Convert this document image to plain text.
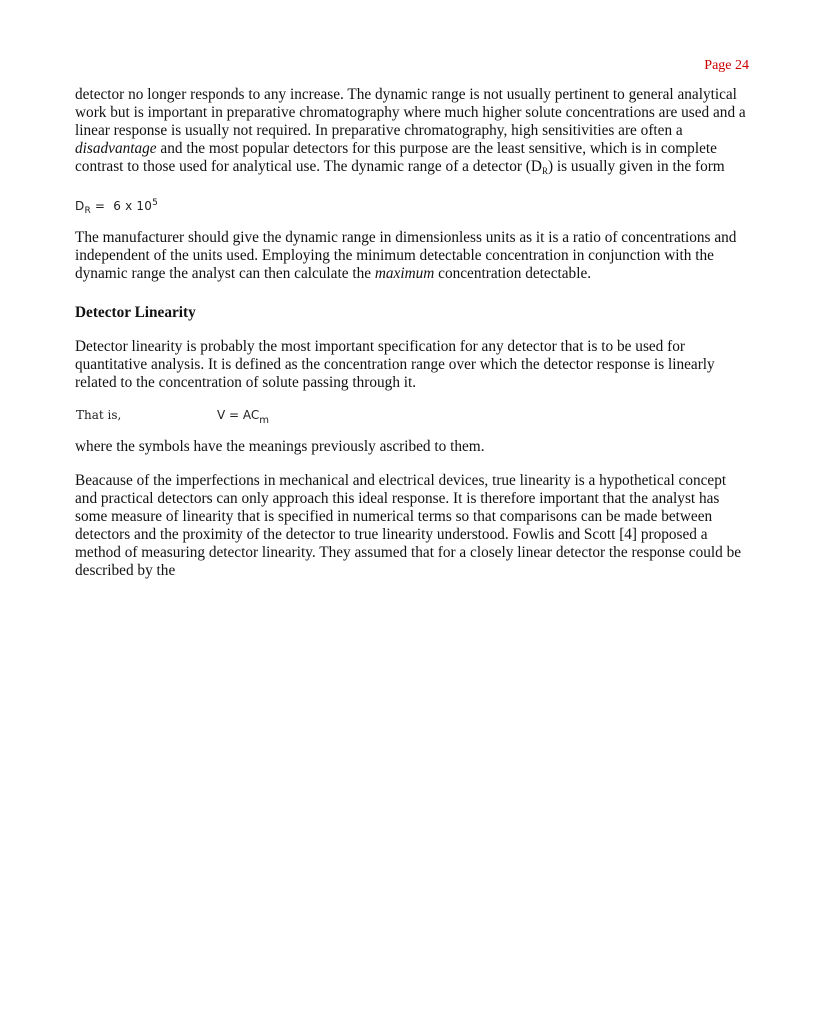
Page 24

detector no longer responds to any increase. The dynamic range is not usually pertinent to general analytical work but is important in preparative chromatography where much higher solute concentrations are used and a linear response is usually not required. In preparative chromatography, high sensitivities are often a disadvantage and the most popular detectors for this purpose are the least sensitive, which is in complete contrast to those used for analytical use. The dynamic range of a detector (DR) is usually given in the form

$D_R = 6$ x $10^5$

The manufacturer should give the dynamic range in dimensionless units as it is a ratio of concentrations and independent of the units used. Employing the minimum detectable concentration in conjunction with the dynamic range the analyst can then calculate the maximum concentration detectable.

Detector Linearity

Detector linearity is probably the most important specification for any detector that is to be used for quantitative analysis. It is defined as the concentration range over which the detector response is linearly related to the concentration of solute passing through it.

That is,	$V = AC_m$

where the symbols have the meanings previously ascribed to them.

Beacause of the imperfections in mechanical and electrical devices, true linearity is a hypothetical concept and practical detectors can only approach this ideal response. It is therefore important that the analyst has some measure of linearity that is specified in numerical terms so that comparisons can be made between detectors and the proximity of the detector to true linearity understood. Fowlis and Scott [4] proposed a method of measuring detector linearity. They assumed that for a closely linear detector the response could be described by the
